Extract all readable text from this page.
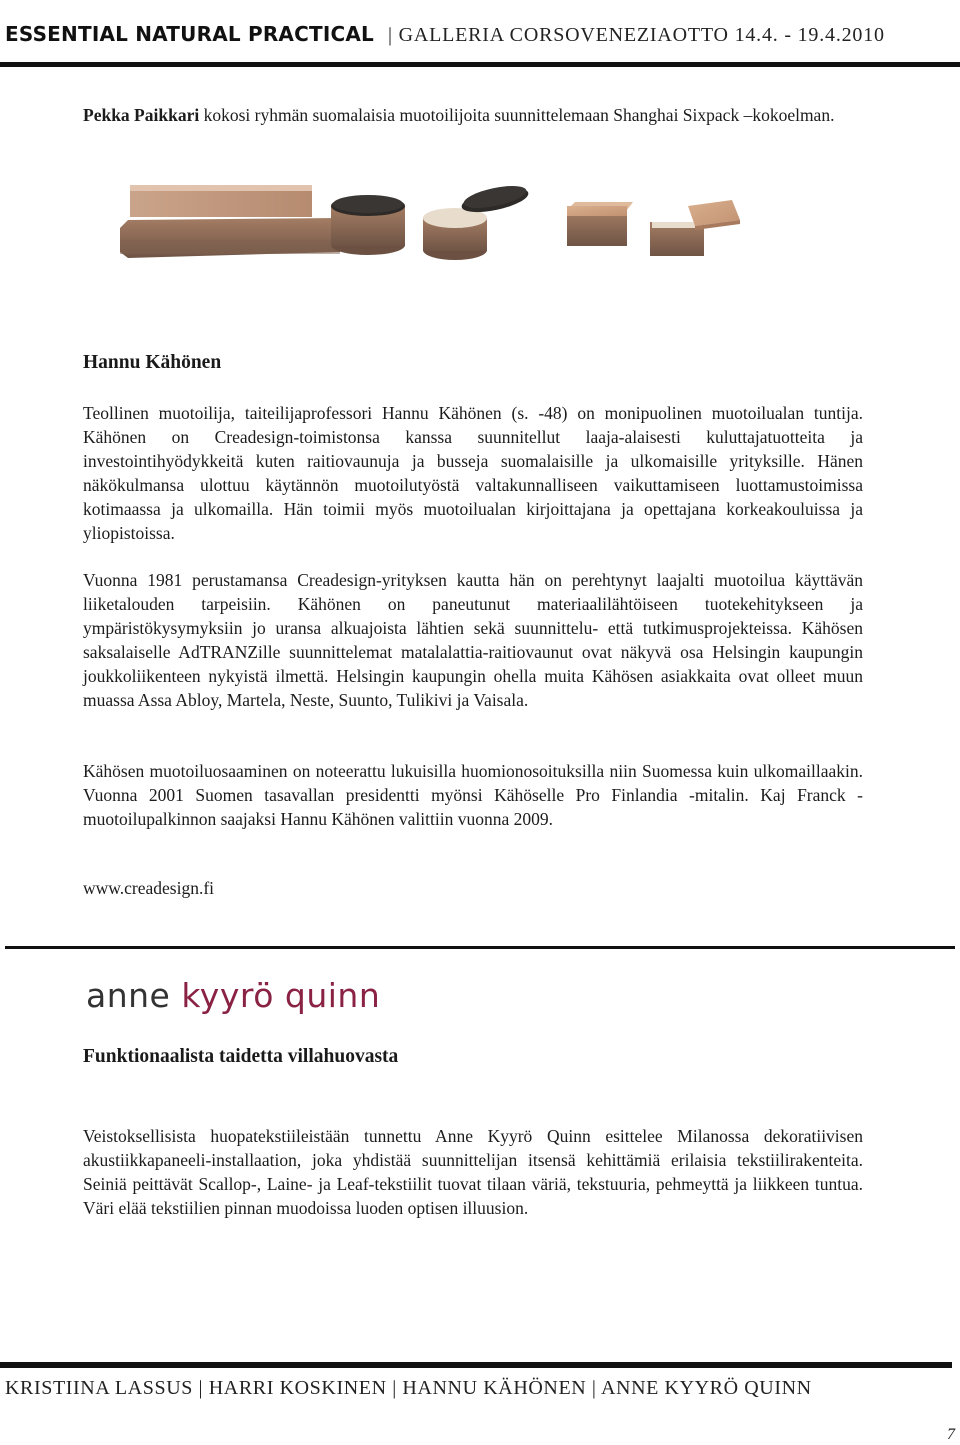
ESSENTIAL NATURAL PRACTICAL | GALLERIA CORSOVENEZIAOTTO 14.4. - 19.4.2010
Pekka Paikkari kokosi ryhmän suomalaisia muotoilijoita suunnittelemaan Shanghai Sixpack –kokoelman.
Hannu Kähönen
Teollinen muotoilija, taiteilijaprofessori Hannu Kähönen (s. -48) on monipuolinen muotoilualan tuntija. Kähönen on Creadesign-toimistonsa kanssa suunnitellut laaja-alaisesti kuluttajatuotteita ja investointihyödykkeitä kuten raitiovaunuja ja busseja suomalaisille ja ulkomaisille yrityksille. Hänen näkökulmansa ulottuu käytännön muotoilutyöstä valtakunnalliseen vaikuttamiseen luottamustoimissa kotimaassa ja ulkomailla. Hän toimii myös muotoilualan kirjoittajana ja opettajana korkeakouluissa ja yliopistoissa.
Vuonna 1981 perustamansa Creadesign-yrityksen kautta hän on perehtynyt laajalti muotoilua käyttävän liiketalouden tarpeisiin. Kähönen on paneutunut materiaalilähtöiseen tuotekehitykseen ja ympäristökysymyksiin jo uransa alkuajoista lähtien sekä suunnittelu- että tutkimusprojekteissa. Kähösen saksalaiselle AdTRANZille suunnittelemat matalalattia-raitiovaunut ovat näkyvä osa Helsingin kaupungin joukkoliikenteen nykyistä ilmettä. Helsingin kaupungin ohella muita Kähösen asiakkaita ovat olleet muun muassa Assa Abloy, Martela, Neste, Suunto, Tulikivi ja Vaisala.
Kähösen muotoiluosaaminen on noteerattu lukuisilla huomionosoituksilla niin Suomessa kuin ulkomaillaakin. Vuonna 2001 Suomen tasavallan presidentti myönsi Kähöselle Pro Finlandia -mitalin. Kaj Franck -muotoilupalkinnon saajaksi Hannu Kähönen valittiin vuonna 2009.
www.creadesign.fi
anne kyyrö quinn
Funktionaalista taidetta villahuovasta
Veistoksellisista huopatekstiileistään tunnettu Anne Kyyrö Quinn esittelee Milanossa dekoratiivisen akustiikkapaneeli-installaation, joka yhdistää suunnittelijan itsensä kehittämiä erilaisia tekstiilirakenteita. Seiniä peittävät Scallop-, Laine- ja Leaf-tekstiilit tuovat tilaan väriä, tekstuuria, pehmeyttä ja liikkeen tuntua. Väri elää tekstiilien pinnan muodoissa luoden optisen illuusion.
KRISTIINA LASSUS | HARRI KOSKINEN | HANNU KÄHÖNEN | ANNE KYYRÖ QUINN
7
